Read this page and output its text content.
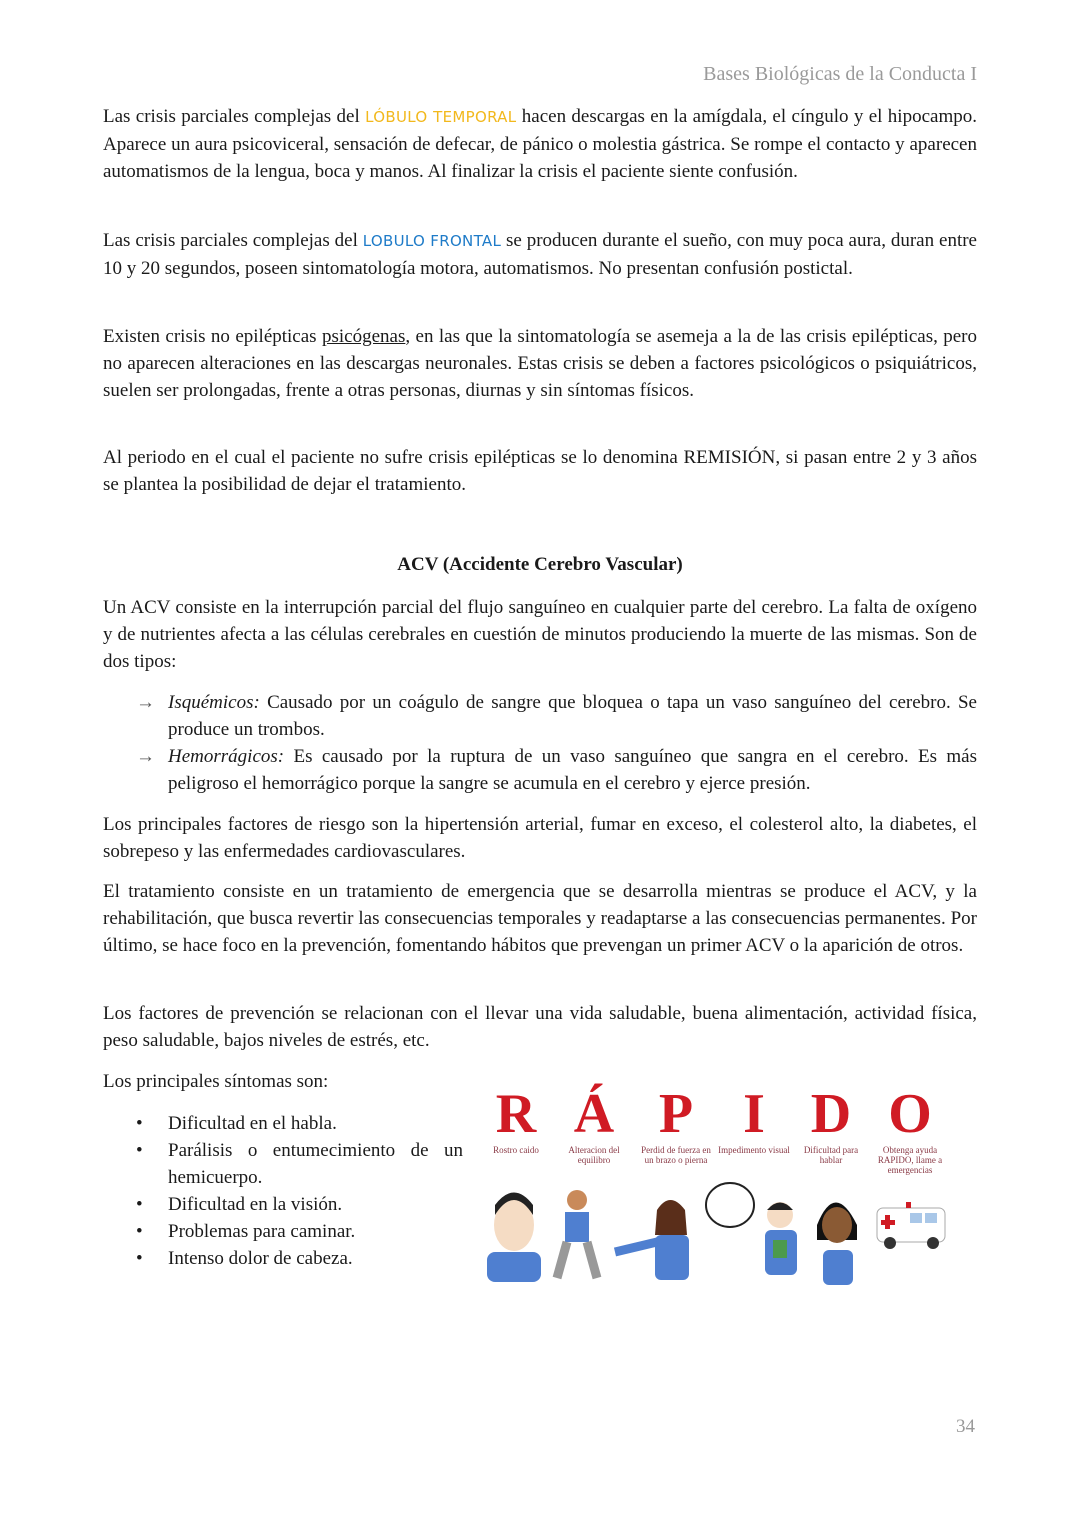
Bases Biológicas de la Conducta I

Las crisis parciales complejas del LÓBULO TEMPORAL hacen descargas en la amígdala, el cíngulo y el hipocampo. Aparece un aura psicoviceral, sensación de defecar, de pánico o molestia gástrica. Se rompe el contacto y aparecen automatismos de la lengua, boca y manos. Al finalizar la crisis el paciente siente confusión.

Las crisis parciales complejas del LOBULO FRONTAL se producen durante el sueño, con muy poca aura, duran entre 10 y 20 segundos, poseen sintomatología motora, automatismos. No presentan confusión postictal.

Existen crisis no epilépticas psicógenas, en las que la sintomatología se asemeja a la de las crisis epilépticas, pero no aparecen alteraciones en las descargas neuronales. Estas crisis se deben a factores psicológicos o psiquiátricos, suelen ser prolongadas, frente a otras personas, diurnas y sin síntomas físicos.

Al periodo en el cual el paciente no sufre crisis epilépticas se lo denomina REMISIÓN, si pasan entre 2 y 3 años se plantea la posibilidad de dejar el tratamiento.

ACV (Accidente Cerebro Vascular)

Un ACV consiste en la interrupción parcial del flujo sanguíneo en cualquier parte del cerebro. La falta de oxígeno y de nutrientes afecta a las células cerebrales en cuestión de minutos produciendo la muerte de las mismas. Son de dos tipos:

→ Isquémicos: Causado por un coágulo de sangre que bloquea o tapa un vaso sanguíneo del cerebro. Se produce un trombos.
→ Hemorrágicos: Es causado por la ruptura de un vaso sanguíneo que sangra en el cerebro. Es más peligroso el hemorrágico porque la sangre se acumula en el cerebro y ejerce presión.

Los principales factores de riesgo son la hipertensión arterial, fumar en exceso, el colesterol alto, la diabetes, el sobrepeso y las enfermedades cardiovasculares.

El tratamiento consiste en un tratamiento de emergencia que se desarrolla mientras se produce el ACV, y la rehabilitación, que busca revertir las consecuencias temporales y readaptarse a las consecuencias permanentes. Por último, se hace foco en la prevención, fomentando hábitos que prevengan un primer ACV o la aparición de otros.

Los factores de prevención se relacionan con el llevar una vida saludable, buena alimentación, actividad física, peso saludable, bajos niveles de estrés, etc.

Los principales síntomas son:

• Dificultad en el habla.
• Parálisis o entumecimiento de un hemicuerpo.
• Dificultad en la visión.
• Problemas para caminar.
• Intenso dolor de cabeza.
R
Rostro caido
Á
Alteracion del equilibro
P
Perdid de fuerza en un brazo o pierna
I
Impedimento visual
D
Dificultad para hablar
O
Obtenga ayuda RAPIDO, llame a emergencias
34
